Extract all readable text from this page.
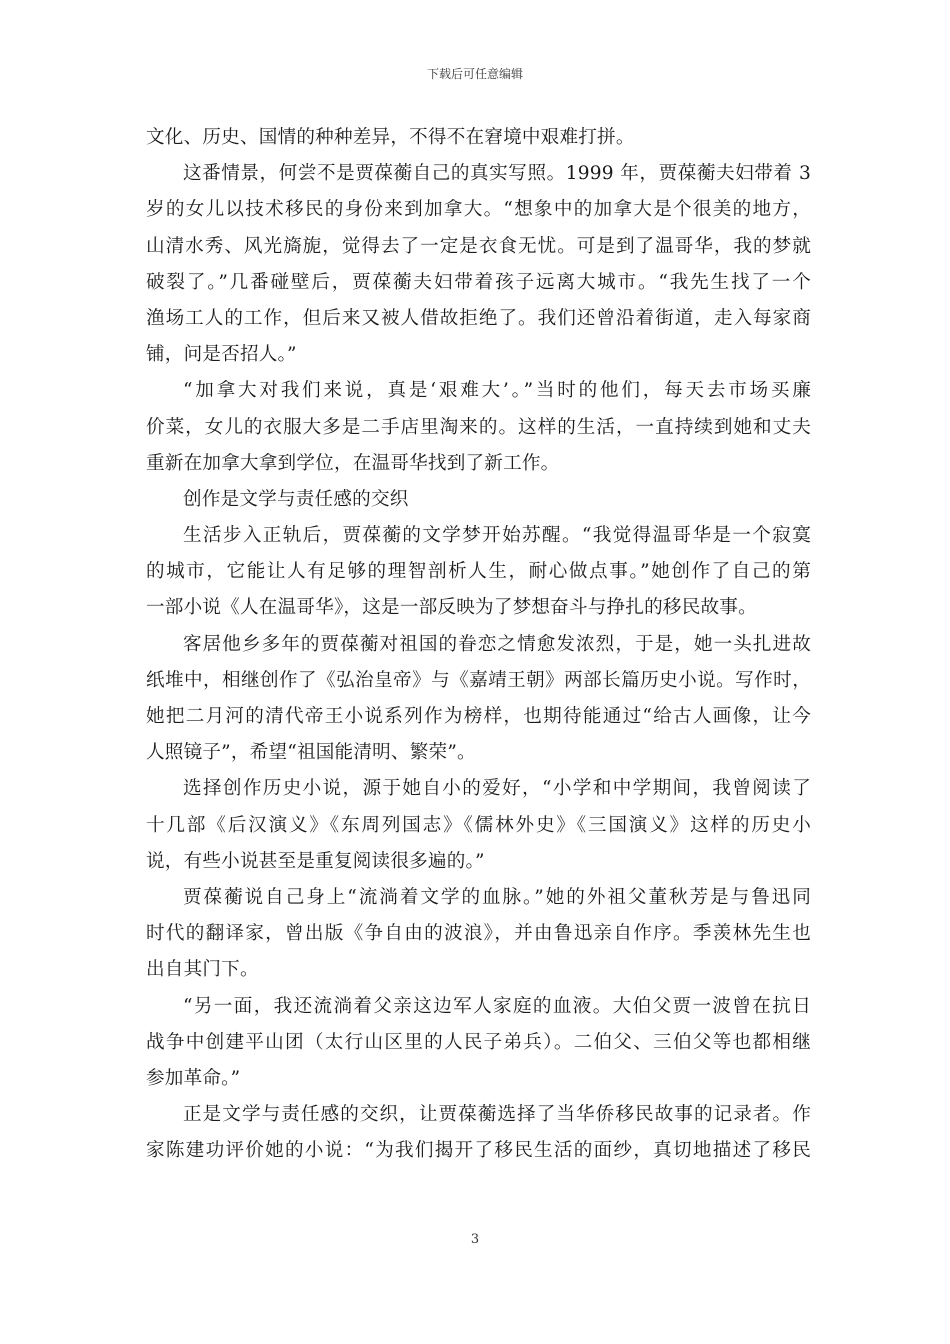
下载后可任意编辑
文化、历史、国情的种种差异，不得不在窘境中艰难打拼。
这番情景，何尝不是贾葆蘅自己的真实写照。1999 年，贾葆蘅夫妇带着 3
岁的女儿以技术移民的身份来到加拿大。“想象中的加拿大是个很美的地方，
山清水秀、风光旖旎，觉得去了一定是衣食无忧。可是到了温哥华，我的梦就
破裂了。”几番碰壁后，贾葆蘅夫妇带着孩子远离大城市。“我先生找了一个
渔场工人的工作，但后来又被人借故拒绝了。我们还曾沿着街道，走入每家商
铺，问是否招人。”
“加拿大对我们来说，真是‘艰难大’。”当时的他们，每天去市场买廉
价菜，女儿的衣服大多是二手店里淘来的。这样的生活，一直持续到她和丈夫
重新在加拿大拿到学位，在温哥华找到了新工作。
创作是文学与责任感的交织
生活步入正轨后，贾葆蘅的文学梦开始苏醒。“我觉得温哥华是一个寂寞
的城市，它能让人有足够的理智剖析人生，耐心做点事。”她创作了自己的第
一部小说《人在温哥华》，这是一部反映为了梦想奋斗与挣扎的移民故事。
客居他乡多年的贾葆蘅对祖国的眷恋之情愈发浓烈，于是，她一头扎进故
纸堆中，相继创作了《弘治皇帝》与《嘉靖王朝》两部长篇历史小说。写作时，
她把二月河的清代帝王小说系列作为榜样，也期待能通过“给古人画像，让今
人照镜子”，希望“祖国能清明、繁荣”。
选择创作历史小说，源于她自小的爱好，“小学和中学期间，我曾阅读了
十几部《后汉演义》《东周列国志》《儒林外史》《三国演义》这样的历史小
说，有些小说甚至是重复阅读很多遍的。”
贾葆蘅说自己身上“流淌着文学的血脉。”她的外祖父董秋芳是与鲁迅同
时代的翻译家，曾出版《争自由的波浪》，并由鲁迅亲自作序。季羡林先生也
出自其门下。
“另一面，我还流淌着父亲这边军人家庭的血液。大伯父贾一波曾在抗日
战争中创建平山团（太行山区里的人民子弟兵）。二伯父、三伯父等也都相继
参加革命。”
正是文学与责任感的交织，让贾葆蘅选择了当华侨移民故事的记录者。作
家陈建功评价她的小说：“为我们揭开了移民生活的面纱，真切地描述了移民
3
